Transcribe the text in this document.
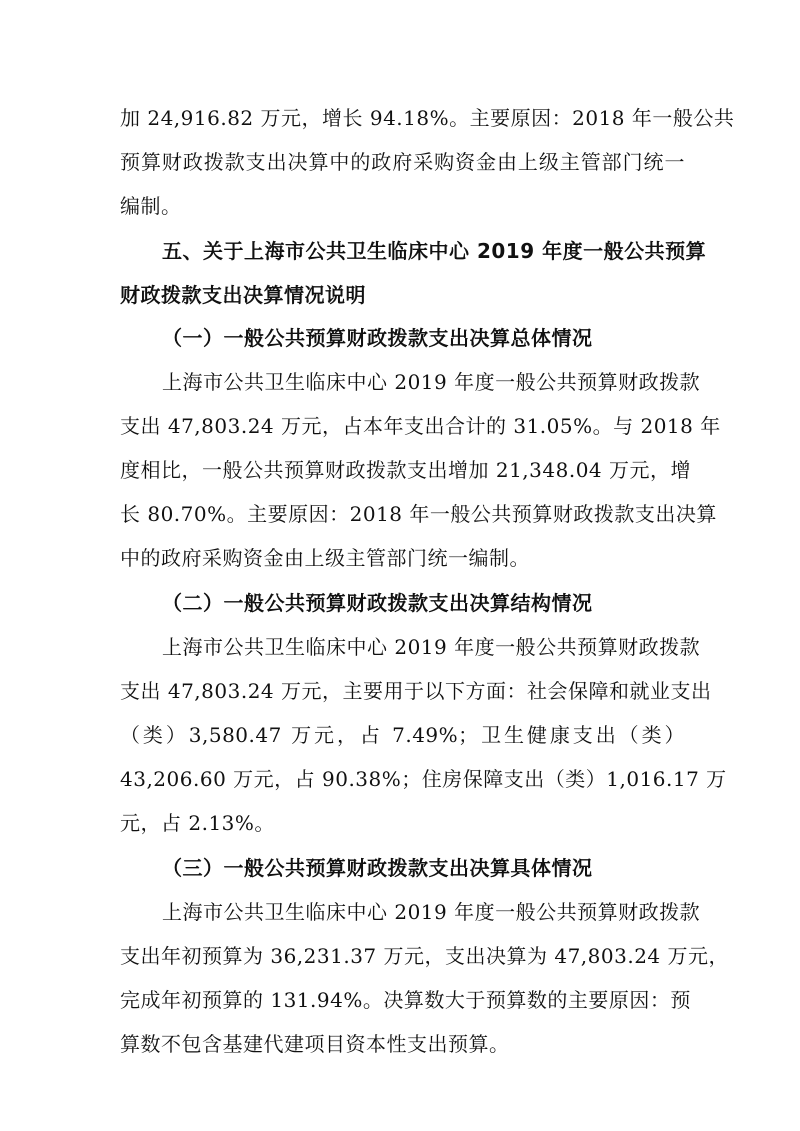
加 24,916.82 万元，增长 94.18%。主要原因：2018 年一般公共
预算财政拨款支出决算中的政府采购资金由上级主管部门统一
编制。
五、关于上海市公共卫生临床中心 2019 年度一般公共预算
财政拨款支出决算情况说明
（一）一般公共预算财政拨款支出决算总体情况
上海市公共卫生临床中心 2019 年度一般公共预算财政拨款
支出 47,803.24 万元，占本年支出合计的 31.05%。与 2018 年
度相比，一般公共预算财政拨款支出增加 21,348.04 万元，增
长 80.70%。主要原因：2018 年一般公共预算财政拨款支出决算
中的政府采购资金由上级主管部门统一编制。
（二）一般公共预算财政拨款支出决算结构情况
上海市公共卫生临床中心 2019 年度一般公共预算财政拨款
支出 47,803.24 万元，主要用于以下方面：社会保障和就业支出
（类）3,580.47 万元，占 7.49%；卫生健康支出（类）
43,206.60 万元，占 90.38%；住房保障支出（类）1,016.17 万
元，占 2.13%。
（三）一般公共预算财政拨款支出决算具体情况
上海市公共卫生临床中心 2019 年度一般公共预算财政拨款
支出年初预算为 36,231.37 万元，支出决算为 47,803.24 万元，
完成年初预算的 131.94%。决算数大于预算数的主要原因：预
算数不包含基建代建项目资本性支出预算。
